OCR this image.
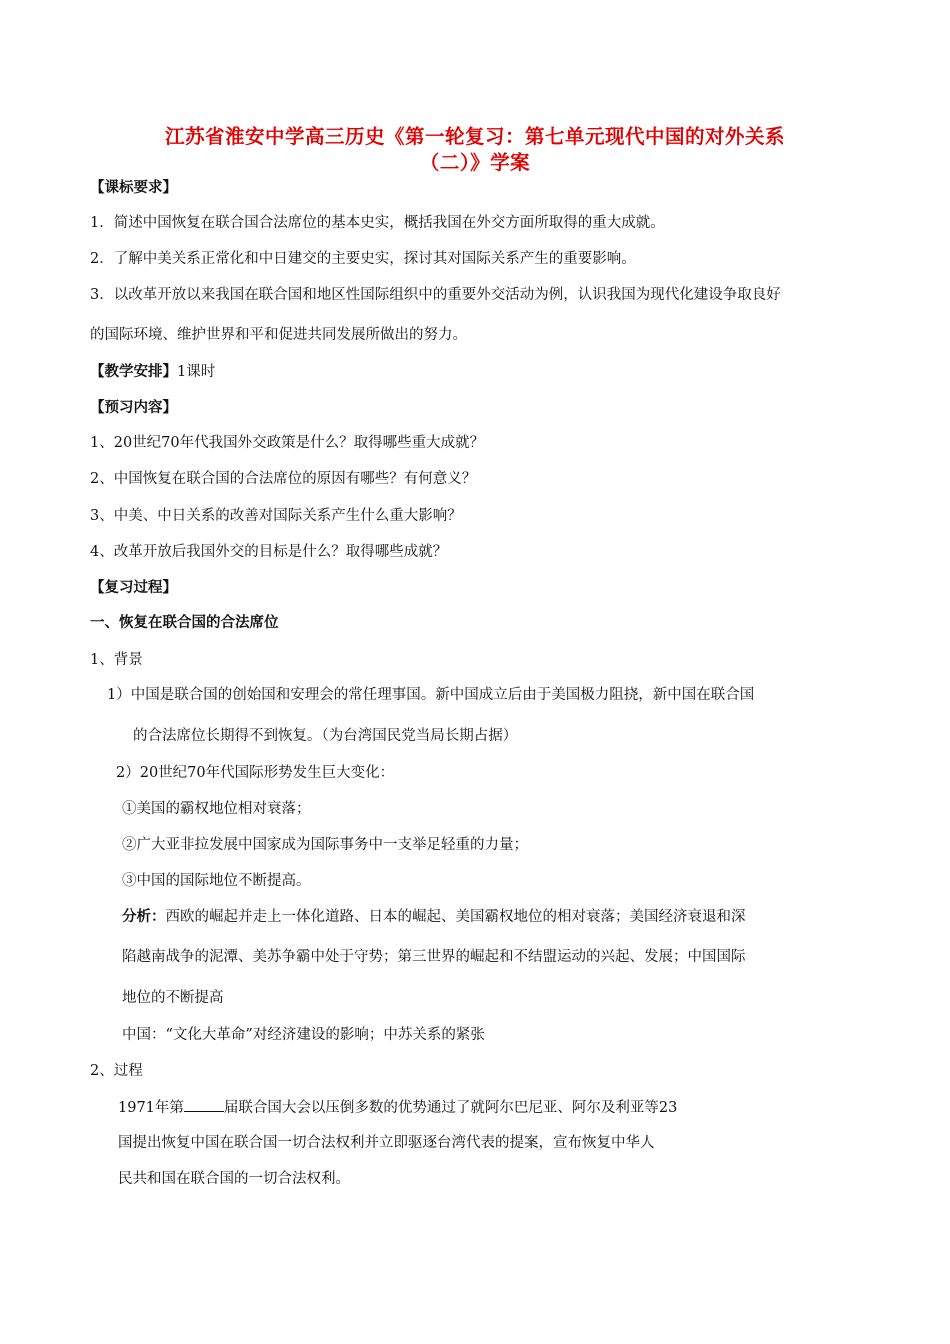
江苏省淮安中学高三历史《第一轮复习：第七单元现代中国的对外关系
（二）》学案
【课标要求】
1．简述中国恢复在联合国合法席位的基本史实，概括我国在外交方面所取得的重大成就。
2．了解中美关系正常化和中日建交的主要史实，探讨其对国际关系产生的重要影响。
3．以改革开放以来我国在联合国和地区性国际组织中的重要外交活动为例，认识我国为现代化建设争取良好
的国际环境、维护世界和平和促进共同发展所做出的努力。
【教学安排】1课时
【预习内容】
1、20世纪70年代我国外交政策是什么？取得哪些重大成就？
2、中国恢复在联合国的合法席位的原因有哪些？有何意义？
3、中美、中日关系的改善对国际关系产生什么重大影响？
4、改革开放后我国外交的目标是什么？取得哪些成就？
【复习过程】
一、恢复在联合国的合法席位
1、背景
1）中国是联合国的创始国和安理会的常任理事国。新中国成立后由于美国极力阻挠，新中国在联合国
的合法席位长期得不到恢复。（为台湾国民党当局长期占据）
2）20世纪70年代国际形势发生巨大变化：
①美国的霸权地位相对衰落；
②广大亚非拉发展中国家成为国际事务中一支举足轻重的力量；
③中国的国际地位不断提高。
分析：西欧的崛起并走上一体化道路、日本的崛起、美国霸权地位的相对衰落；美国经济衰退和深
陷越南战争的泥潭、美苏争霸中处于守势；第三世界的崛起和不结盟运动的兴起、发展；中国国际
地位的不断提高
中国：“文化大革命”对经济建设的影响；中苏关系的紧张
2、过程
1971年第	届联合国大会以压倒多数的优势通过了就阿尔巴尼亚、阿尔及利亚等23
国提出恢复中国在联合国一切合法权利并立即驱逐台湾代表的提案，宣布恢复中华人
民共和国在联合国的一切合法权利。
